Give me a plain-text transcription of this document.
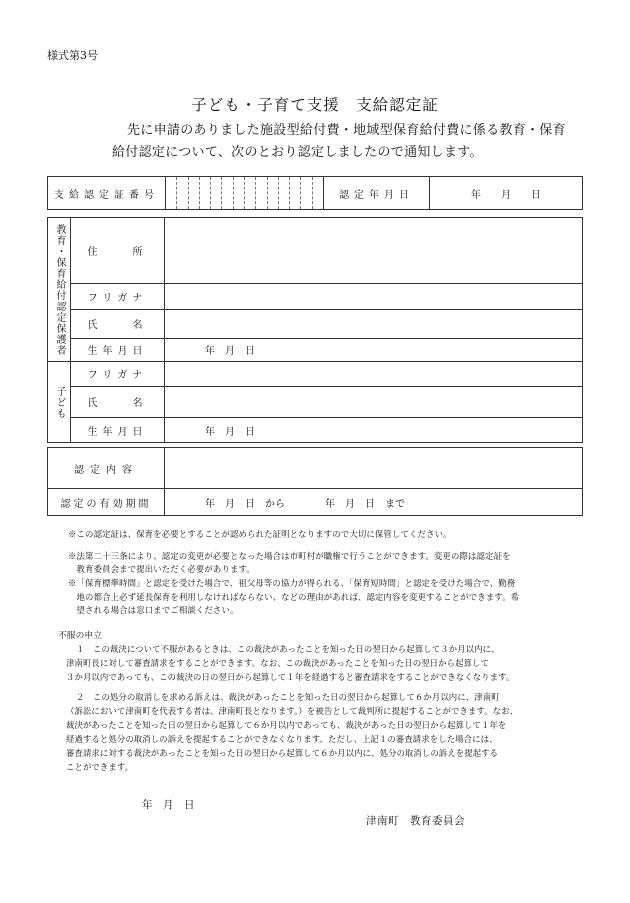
様式第3号
子ども・子育て支援　支給認定証
先に申請のありました施設型給付費・地域型保育給付費に係る教育・保育
給付認定について、次のとおり認定しましたので通知します。
支給認定証番号		認定年月日	年　　月　　日
教育・保育給付認定保護者	住　　所	
	フリガナ	
	氏　　名	
	生年月日	年　月　日
子ども	フリガナ	
	氏　　名	
	生年月日	年　月　日
認定内容	
認定の有効期間	年　月　日　から　　　　年　月　日　まで
※この認定証は、保育を必要とすることが認められた証明となりますので大切に保管してください。
※法第二十三条により、認定の変更が必要となった場合は市町村が職権で行うことができます。変更の際は認定証を
　教育委員会まで提出いただく必要があります。
※「保育標準時間」と認定を受けた場合で、祖父母等の協力が得られる、「保育短時間」と認定を受けた場合で、勤務
　地の都合上必ず延長保育を利用しなければならない、などの理由があれば、認定内容を変更することができます。希
　望される場合は窓口までご相談ください。
不服の申立

１　この裁決について不服があるときは、この裁決があったことを知った日の翌日から起算して３か月以内に、

津南町長に対して審査請求をすることができます。なお、この裁決があったことを知った日の翌日から起算して

３か月以内であっても、この裁決の日の翌日から起算して１年を経過すると審査請求をすることができなくなります。

２　この処分の取消しを求める訴えは、裁決があったことを知った日の翌日から起算して６か月以内に、津南町

（訴訟において津南町を代表する者は、津南町長となります。）を被告として裁判所に提起することができます。なお、

裁決があったことを知った日の翌日から起算して６か月以内であっても、裁決があった日の翌日から起算して１年を

経過すると処分の取消しの訴えを提起することができなくなります。ただし、上記１の審査請求をした場合には、

審査請求に対する裁決があったことを知った日の翌日から起算して６か月以内に、処分の取消しの訴えを提起する

ことができます。

年　月　日
津南町　教育委員会
